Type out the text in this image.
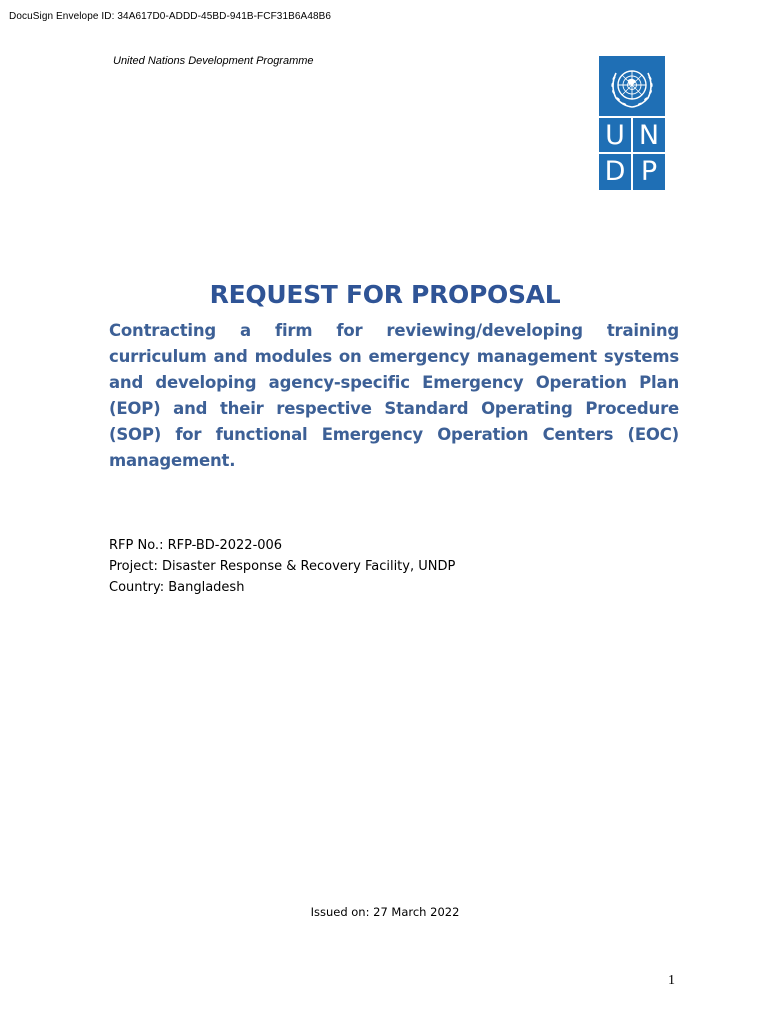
DocuSign Envelope ID: 34A617D0-ADDD-45BD-941B-FCF31B6A48B6
United Nations Development Programme
U N
D P
REQUEST FOR PROPOSAL
Contracting a firm for reviewing/developing training curriculum and modules on emergency management systems and developing agency-specific Emergency Operation Plan (EOP) and their respective Standard Operating Procedure (SOP) for functional Emergency Operation Centers (EOC) management.
RFP No.: RFP-BD-2022-006
Project: Disaster Response & Recovery Facility, UNDP
Country: Bangladesh
Issued on: 27 March 2022
1
